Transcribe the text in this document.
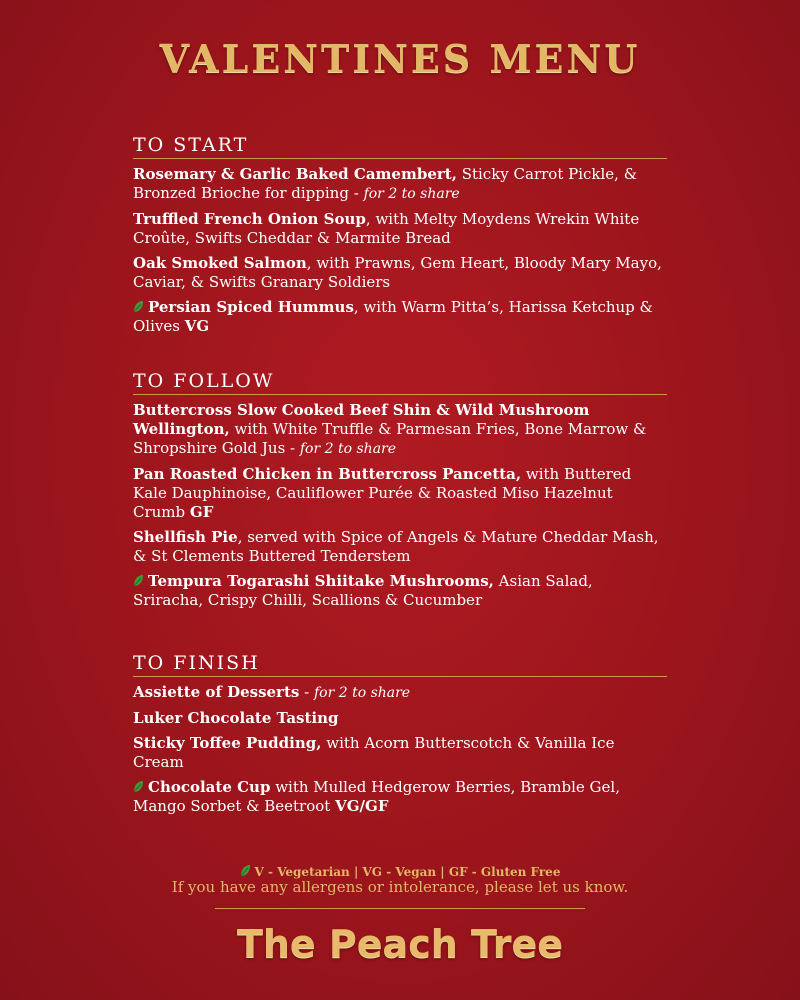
VALENTINES MENU
TO START
Rosemary & Garlic Baked Camembert, Sticky Carrot Pickle, & Bronzed Brioche for dipping - for 2 to share
Truffled French Onion Soup, with Melty Moydens Wrekin White Croûte, Swifts Cheddar & Marmite Bread
Oak Smoked Salmon, with Prawns, Gem Heart, Bloody Mary Mayo, Caviar, & Swifts Granary Soldiers
Persian Spiced Hummus, with Warm Pitta’s, Harissa Ketchup & Olives VG
TO FOLLOW
Buttercross Slow Cooked Beef Shin & Wild Mushroom Wellington, with White Truffle & Parmesan Fries, Bone Marrow & Shropshire Gold Jus - for 2 to share
Pan Roasted Chicken in Buttercross Pancetta, with Buttered Kale Dauphinoise, Cauliflower Purée & Roasted Miso Hazelnut Crumb GF
Shellfish Pie, served with Spice of Angels & Mature Cheddar Mash, & St Clements Buttered Tenderstem
Tempura Togarashi Shiitake Mushrooms, Asian Salad, Sriracha, Crispy Chilli, Scallions & Cucumber
TO FINISH
Assiette of Desserts - for 2 to share
Luker Chocolate Tasting
Sticky Toffee Pudding, with Acorn Butterscotch & Vanilla Ice Cream
Chocolate Cup with Mulled Hedgerow Berries, Bramble Gel, Mango Sorbet & Beetroot VG/GF
V - Vegetarian | VG - Vegan | GF - Gluten Free
If you have any allergens or intolerance, please let us know.
The Peach Tree
